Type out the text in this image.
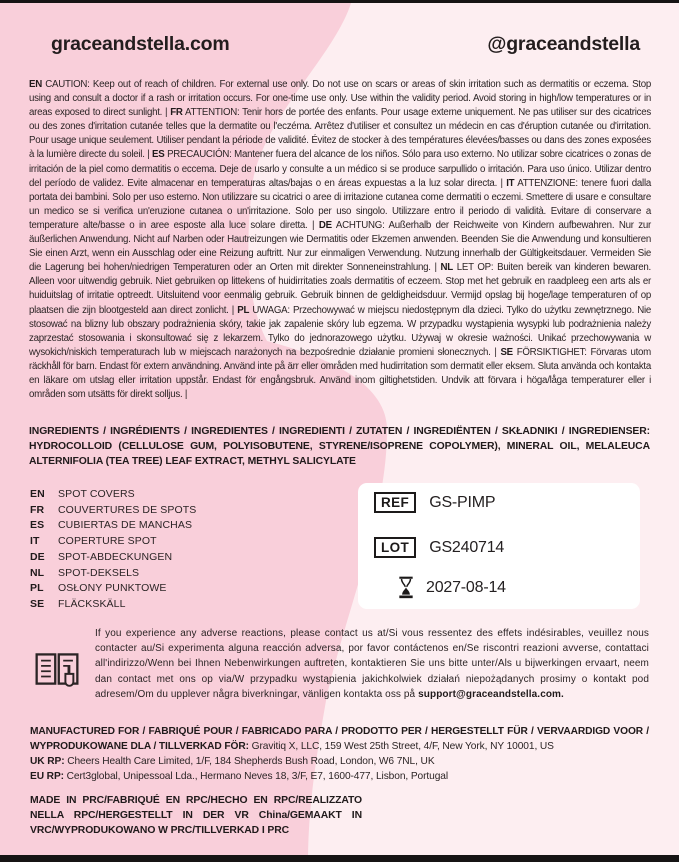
graceandstella.com	@graceandstella

EN CAUTION: Keep out of reach of children. For external use only. Do not use on scars or areas of skin irritation such as dermatitis or eczema. Stop using and consult a doctor if a rash or irritation occurs. For one-time use only. Use within the validity period. Avoid storing in high/low temperatures or in areas exposed to direct sunlight. | FR ATTENTION: Tenir hors de portée des enfants. Pour usage externe uniquement. Ne pas utiliser sur des cicatrices ou des zones d'irritation cutanée telles que la dermatite ou l'eczéma. Arrêtez d'utiliser et consultez un médecin en cas d'éruption cutanée ou d'irritation. Pour usage unique seulement. Utiliser pendant la période de validité. Évitez de stocker à des températures élevées/basses ou dans des zones exposées à la lumière directe du soleil. | ES PRECAUCIÓN: Mantener fuera del alcance de los niños. Sólo para uso externo. No utilizar sobre cicatrices o zonas de irritación de la piel como dermatitis o eccema. Deje de usarlo y consulte a un médico si se produce sarpullido o irritación. Para uso único. Utilizar dentro del período de validez. Evite almacenar en temperaturas altas/bajas o en áreas expuestas a la luz solar directa. | IT ATTENZIONE: tenere fuori dalla portata dei bambini. Solo per uso esterno. Non utilizzare su cicatrici o aree di irritazione cutanea come dermatiti o eczemi. Smettere di usare e consultare un medico se si verifica un'eruzione cutanea o un'irritazione. Solo per uso singolo. Utilizzare entro il periodo di validità. Evitare di conservare a temperature alte/basse o in aree esposte alla luce solare diretta. | DE ACHTUNG: Außerhalb der Reichweite von Kindern aufbewahren. Nur zur äußerlichen Anwendung. Nicht auf Narben oder Hautreizungen wie Dermatitis oder Ekzemen anwenden. Beenden Sie die Anwendung und konsultieren Sie einen Arzt, wenn ein Ausschlag oder eine Reizung auftritt. Nur zur einmaligen Verwendung. Nutzung innerhalb der Gültigkeitsdauer. Vermeiden Sie die Lagerung bei hohen/niedrigen Temperaturen oder an Orten mit direkter Sonneneinstrahlung. | NL LET OP: Buiten bereik van kinderen bewaren. Alleen voor uitwendig gebruik. Niet gebruiken op littekens of huidirritaties zoals dermatitis of eczeem. Stop met het gebruik en raadpleeg een arts als er huiduitslag of irritatie optreedt. Uitsluitend voor eenmalig gebruik. Gebruik binnen de geldigheidsduur. Vermijd opslag bij hoge/lage temperaturen of op plaatsen die zijn blootgesteld aan direct zonlicht. | PL UWAGA: Przechowywać w miejscu niedostępnym dla dzieci. Tylko do użytku zewnętrznego. Nie stosować na blizny lub obszary podrażnienia skóry, takie jak zapalenie skóry lub egzema. W przypadku wystąpienia wysypki lub podrażnienia należy zaprzestać stosowania i skonsultować się z lekarzem. Tylko do jednorazowego użytku. Używaj w okresie ważności. Unikać przechowywania w wysokich/niskich temperaturach lub w miejscach narażonych na bezpośrednie działanie promieni słonecznych. | SE FÖRSIKTIGHET: Förvaras utom räckhåll för barn. Endast för extern användning. Använd inte på ärr eller områden med hudirritation som dermatit eller eksem. Sluta använda och kontakta en läkare om utslag eller irritation uppstår. Endast för engångsbruk. Använd inom giltighetstiden. Undvik att förvara i höga/låga temperaturer eller i områden som utsätts för direkt solljus. |

INGREDIENTS / INGRÉDIENTS / INGREDIENTES / INGREDIENTI / ZUTATEN / INGREDIËNTEN / SKŁADNIKI / INGREDIENSER: HYDROCOLLOID (CELLULOSE GUM, POLYISOBUTENE, STYRENE/ISOPRENE COPOLYMER), MINERAL OIL, MELALEUCA ALTERNIFOLIA (TEA TREE) LEAF EXTRACT, METHYL SALICYLATE

EN	SPOT COVERS
FR	COUVERTURES DE SPOTS
ES	CUBIERTAS DE MANCHAS
IT	COPERTURE SPOT
DE	SPOT-ABDECKUNGEN
NL	SPOT-DEKSELS
PL	OSŁONY PUNKTOWE
SE	FLÄCKSKÄLL
REF	GS-PIMP
LOT	GS240714
2027-08-14

If you experience any adverse reactions, please contact us at/Si vous ressentez des effets indésirables, veuillez nous contacter au/Si experimenta alguna reacción adversa, por favor contáctenos en/Se riscontri reazioni avverse, contattaci all'indirizzo/Wenn bei Ihnen Nebenwirkungen auftreten, kontaktieren Sie uns bitte unter/Als u bijwerkingen ervaart, neem dan contact met ons op via/W przypadku wystąpienia jakichkolwiek działań niepożądanych prosimy o kontakt pod adresem/Om du upplever några biverkningar, vänligen kontakta oss på support@graceandstella.com.

MANUFACTURED FOR / FABRIQUÉ POUR / FABRICADO PARA / PRODOTTO PER / HERGESTELLT FÜR / VERVAARDIGD VOOR / WYPRODUKOWANE DLA / TILLVERKAD FÖR: Gravitiq X, LLC, 159 West 25th Street, 4/F, New York, NY 10001, US

UK RP: Cheers Health Care Limited, 1/F, 184 Shepherds Bush Road, London, W6 7NL, UK

EU RP: Cert3global, Unipessoal Lda., Hermano Neves 18, 3/F, E7, 1600-477, Lisbon, Portugal

MADE IN PRC/FABRIQUÉ EN RPC/HECHO EN RPC/REALIZZATO NELLA RPC/HERGESTELLT IN DER VR China/GEMAAKT IN VRC/WYPRODUKOWANO W PRC/TILLVERKAD I PRC
